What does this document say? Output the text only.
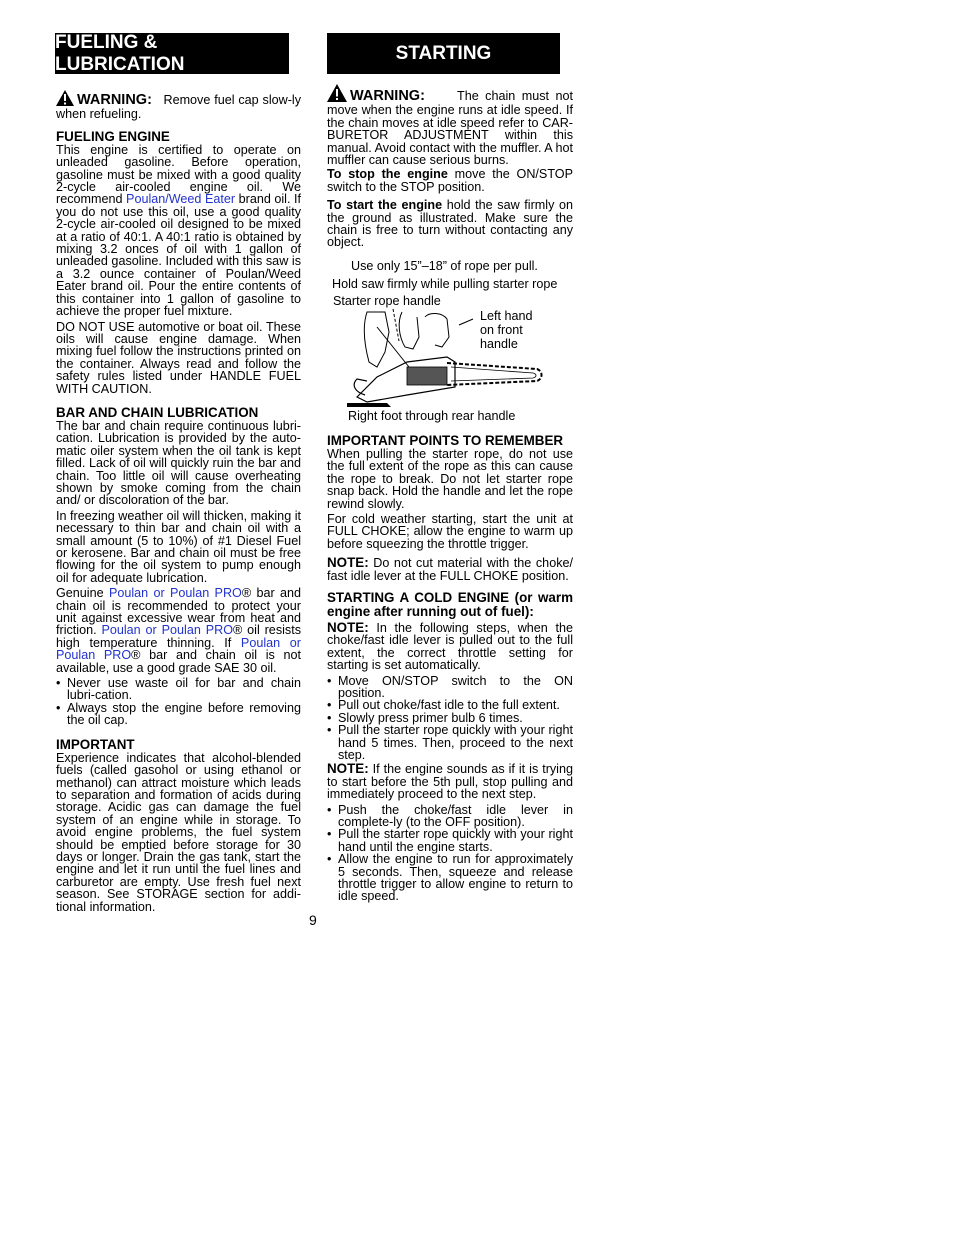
FUELING & LUBRICATION
STARTING

WARNING: Remove fuel cap slow-ly when refueling.

FUELING ENGINE

This engine is certified to operate on unleaded gasoline. Before operation, gasoline must be mixed with a good quality 2-cycle air-cooled engine oil. We recommend Poulan/Weed Eater brand oil. If you do not use this oil, use a good quality 2-cycle air-cooled oil designed to be mixed at a ratio of 40:1. A 40:1 ratio is obtained by mixing 3.2 onces of oil with 1 gallon of unleaded gasoline. Included with this saw is a 3.2 ounce container of Poulan/Weed Eater brand oil. Pour the entire contents of this container into 1 gallon of gasoline to achieve the proper fuel mixture.

DO NOT USE automotive or boat oil. These oils will cause engine damage. When mixing fuel follow the instructions printed on the container. Always read and follow the safety rules listed under HANDLE FUEL WITH CAUTION.

BAR AND CHAIN LUBRICATION

The bar and chain require continuous lubri-cation. Lubrication is provided by the auto-matic oiler system when the oil tank is kept filled. Lack of oil will quickly ruin the bar and chain. Too little oil will cause overheating shown by smoke coming from the chain and/ or discoloration of the bar.

In freezing weather oil will thicken, making it necessary to thin bar and chain oil with a small amount (5 to 10%) of #1 Diesel Fuel or kerosene. Bar and chain oil must be free flowing for the oil system to pump enough oil for adequate lubrication.

Genuine Poulan or Poulan PRO® bar and chain oil is recommended to protect your unit against excessive wear from heat and friction. Poulan or Poulan PRO® oil resists high temperature thinning. If Poulan or Poulan PRO® bar and chain oil is not available, use a good grade SAE 30 oil.

• Never use waste oil for bar and chain lubri-cation.
• Always stop the engine before removing the oil cap.
IMPORTANT

Experience indicates that alcohol-blended fuels (called gasohol or using ethanol or methanol) can attract moisture which leads to separation and formation of acids during storage. Acidic gas can damage the fuel system of an engine while in storage. To avoid engine problems, the fuel system should be emptied before storage for 30 days or longer. Drain the gas tank, start the engine and let it run until the fuel lines and carburetor are empty. Use fresh fuel next season. See STORAGE section for addi-tional information.

9

WARNING:	The chain must not move when the engine runs at idle speed. If the chain moves at idle speed refer to CAR-BURETOR ADJUSTMENT within this manual. Avoid contact with the muffler. A hot muffler can cause serious burns.

To stop the engine move the ON/STOP switch to the STOP position.

To start the engine hold the saw firmly on the ground as illustrated. Make sure the chain is free to turn without contacting any object.

Use only 15”–18” of rope per pull.
Hold saw firmly while pulling starter rope
Starter rope handle
Left hand
on front
handle
Right foot through rear handle
IMPORTANT POINTS TO REMEMBER

When pulling the starter rope, do not use the full extent of the rope as this can cause the rope to break. Do not let starter rope snap back. Hold the handle and let the rope rewind slowly.

For cold weather starting, start the unit at FULL CHOKE; allow the engine to warm up before squeezing the throttle trigger.

NOTE: Do not cut material with the choke/ fast idle lever at the FULL CHOKE position.

STARTING A COLD ENGINE (or warm engine after running out of fuel):

NOTE: In the following steps, when the choke/fast idle lever is pulled out to the full extent, the correct throttle setting for starting is set automatically.

• Move ON/STOP switch to the ON position.
• Pull out choke/fast idle to the full extent.
• Slowly press primer bulb 6 times.
• Pull the starter rope quickly with your right hand 5 times. Then, proceed to the next step.

NOTE: If the engine sounds as if it is trying to start before the 5th pull, stop pulling and immediately proceed to the next step.

• Push the choke/fast idle lever in complete-ly (to the OFF position).
• Pull the starter rope quickly with your right hand until the engine starts.
• Allow the engine to run for approximately 5 seconds. Then, squeeze and release throttle trigger to allow engine to return to idle speed.
